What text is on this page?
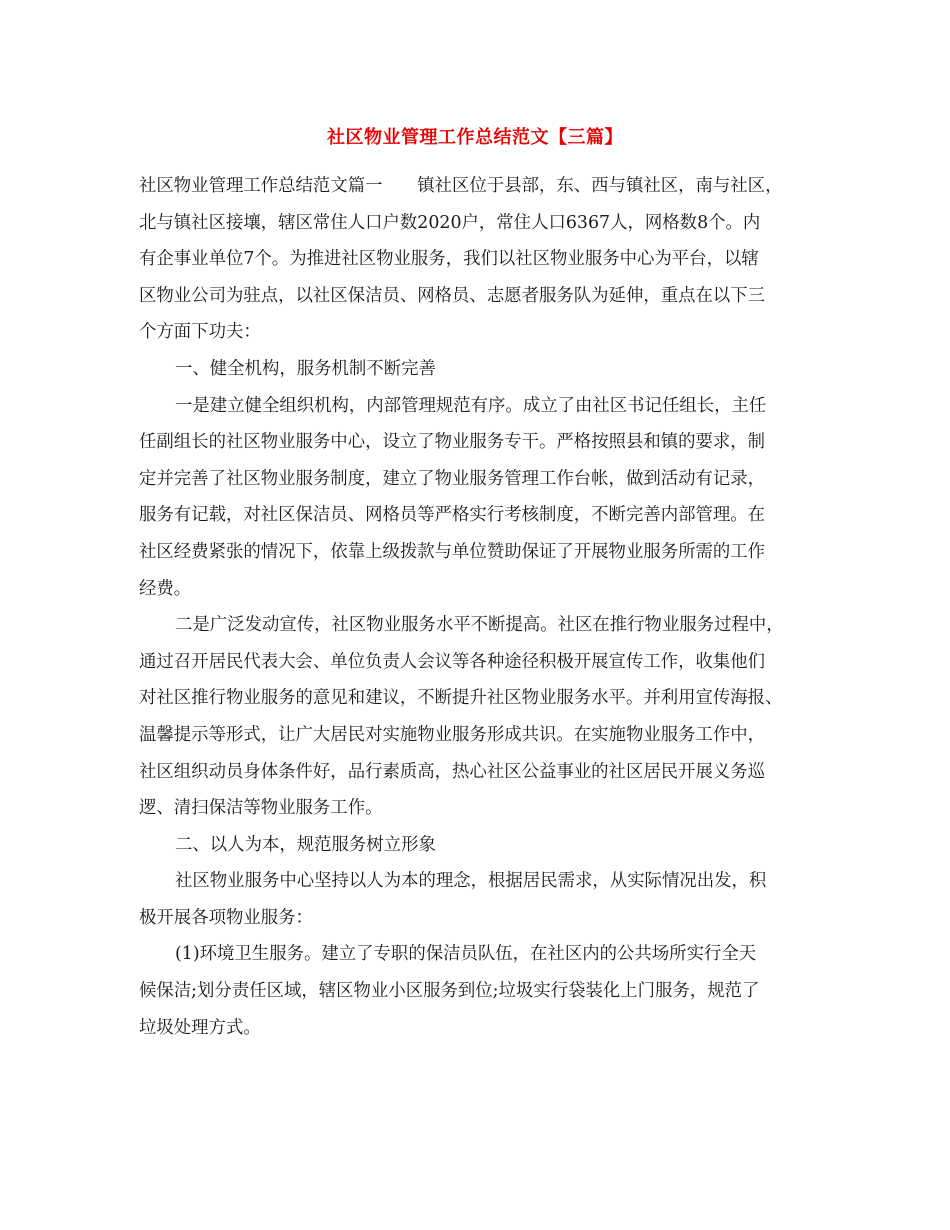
社区物业管理工作总结范文【三篇】
社区物业管理工作总结范文篇一　　镇社区位于县部，东、西与镇社区，南与社区，
北与镇社区接壤，辖区常住人口户数2020户，常住人口6367人，网格数8个。内
有企事业单位7个。为推进社区物业服务，我们以社区物业服务中心为平台，以辖
区物业公司为驻点，以社区保洁员、网格员、志愿者服务队为延伸，重点在以下三
个方面下功夫：
一、健全机构，服务机制不断完善
一是建立健全组织机构，内部管理规范有序。成立了由社区书记任组长，主任
任副组长的社区物业服务中心，设立了物业服务专干。严格按照县和镇的要求，制
定并完善了社区物业服务制度，建立了物业服务管理工作台帐，做到活动有记录，
服务有记载，对社区保洁员、网格员等严格实行考核制度，不断完善内部管理。在
社区经费紧张的情况下，依靠上级拨款与单位赞助保证了开展物业服务所需的工作
经费。
二是广泛发动宣传，社区物业服务水平不断提高。社区在推行物业服务过程中，
通过召开居民代表大会、单位负责人会议等各种途径积极开展宣传工作，收集他们
对社区推行物业服务的意见和建议，不断提升社区物业服务水平。并利用宣传海报、
温馨提示等形式，让广大居民对实施物业服务形成共识。在实施物业服务工作中，
社区组织动员身体条件好，品行素质高，热心社区公益事业的社区居民开展义务巡
逻、清扫保洁等物业服务工作。
二、以人为本，规范服务树立形象
社区物业服务中心坚持以人为本的理念，根据居民需求，从实际情况出发，积
极开展各项物业服务：
(1)环境卫生服务。建立了专职的保洁员队伍，在社区内的公共场所实行全天
候保洁;划分责任区域，辖区物业小区服务到位;垃圾实行袋装化上门服务，规范了
垃圾处理方式。
